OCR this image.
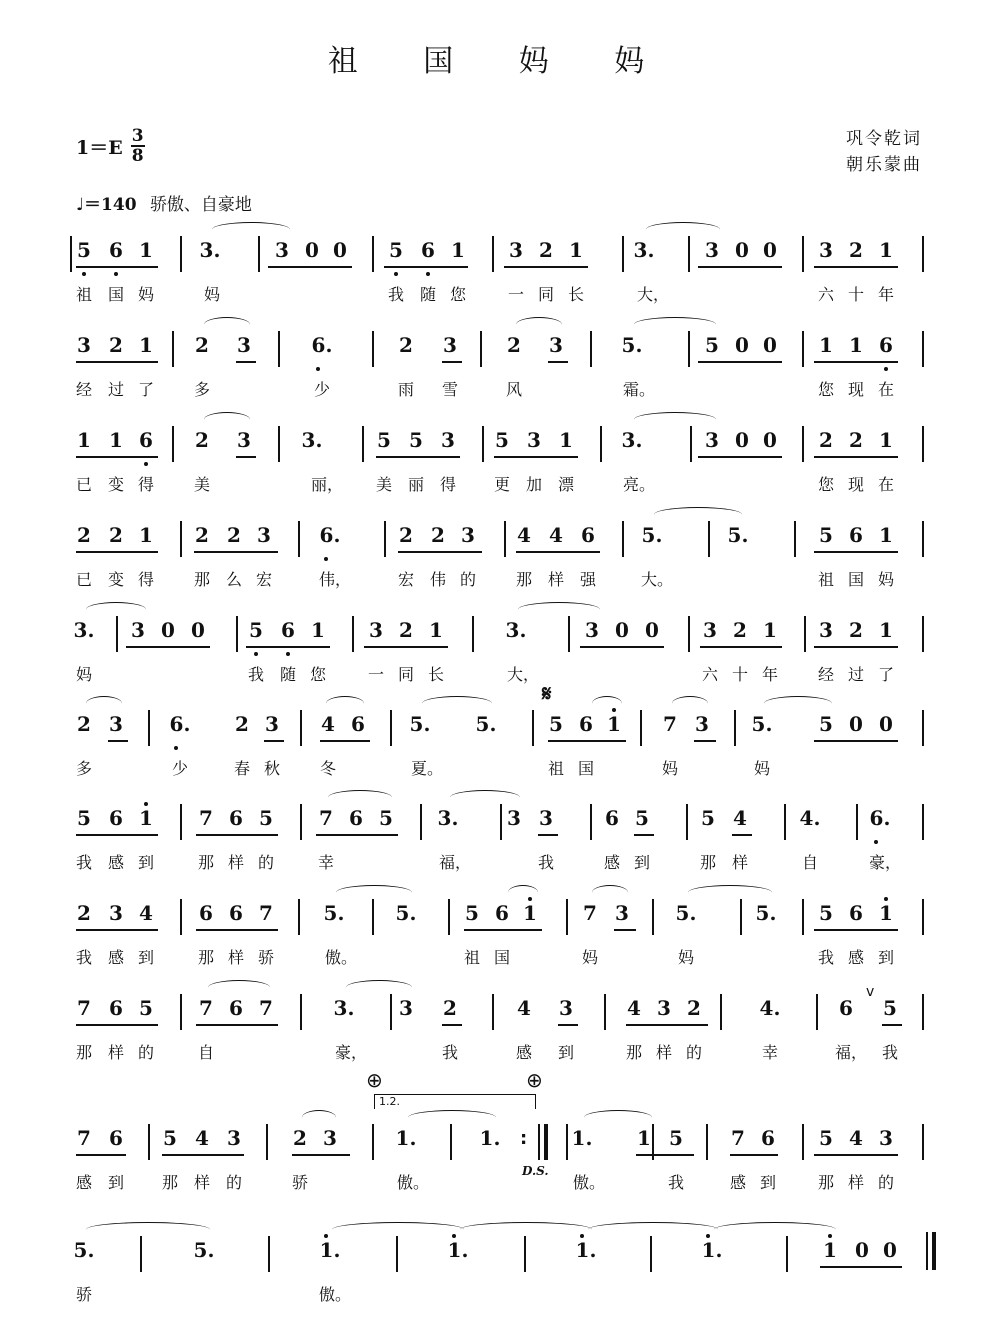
祖 国 妈 妈
$1=E \frac{3}{8}$	巩令乾词
朝乐蒙曲
♩＝140 骄傲、自豪地
5 6 1 3.	3 0 0 5 6 1 3 2 1	3.	3 0 0 3 2 1
祖 国 妈	妈	我 随 您	一 同 长	大，	六 十 年
3 2 1 2 3	6.	2 3	2 3	5.	5 0 0 1 1 6
经 过 了 多	少	雨 雪	风	霜。	您 现 在
1 1 6 2 3	3.	5 5 3 5 3 1 3.	3 0 0 2 2 1
已 变 得 美	丽，	美 丽 得 更 加 漂	亮。	您 现 在
2 2 1 2 2 3 6.	2 2 3 4 4 6 5.	5.	5 6 1
已 变 得 那 么 宏	伟，	宏 伟 的 那 样 强	大。	祖 国 妈
3. 3 0 0 5 6 1 3 2 1	3.	3 0 0 3 2 1 3 2 1
妈	我 随 您	一 同 长	大，	六 十 年 经 过 了
2 3 6. 2 3 4 6 5. 5.	5 6 1 7 3 5. 5 0 0
多	少	春 秋 冬	夏。	祖 国	妈	妈
5 6 1 7 6 5 7 6 5 3. 3 3	6 5	5 4	4. 6.
我 感 到	那 样 的	幸	福，	我	感 到	那 样	自	豪，
2 3 4 6 6 7	5.	5. 5 6 1 7 3 5.	5. 5 6 1
我 感 到	那 样 骄	傲。	祖 国	妈	妈	我 感 到
7 6 5 7 6 7	3. 3 2	4 3	4 3 2	4.	6 5
那 样 的	自	豪，	我	感 到	那 样 的	幸	福， 我
v
7 6 5 4 3	2 3	1.	1.	1. 1 5 7 6 5 4 3
感 到 那 样 的	骄	傲。	傲。	我	感 到	那 样 的
5.	5.	1.	1.	1.	1.	1 0 0
骄	傲。
𝄋
⊕	⊕
1.2.
D.S.
:
